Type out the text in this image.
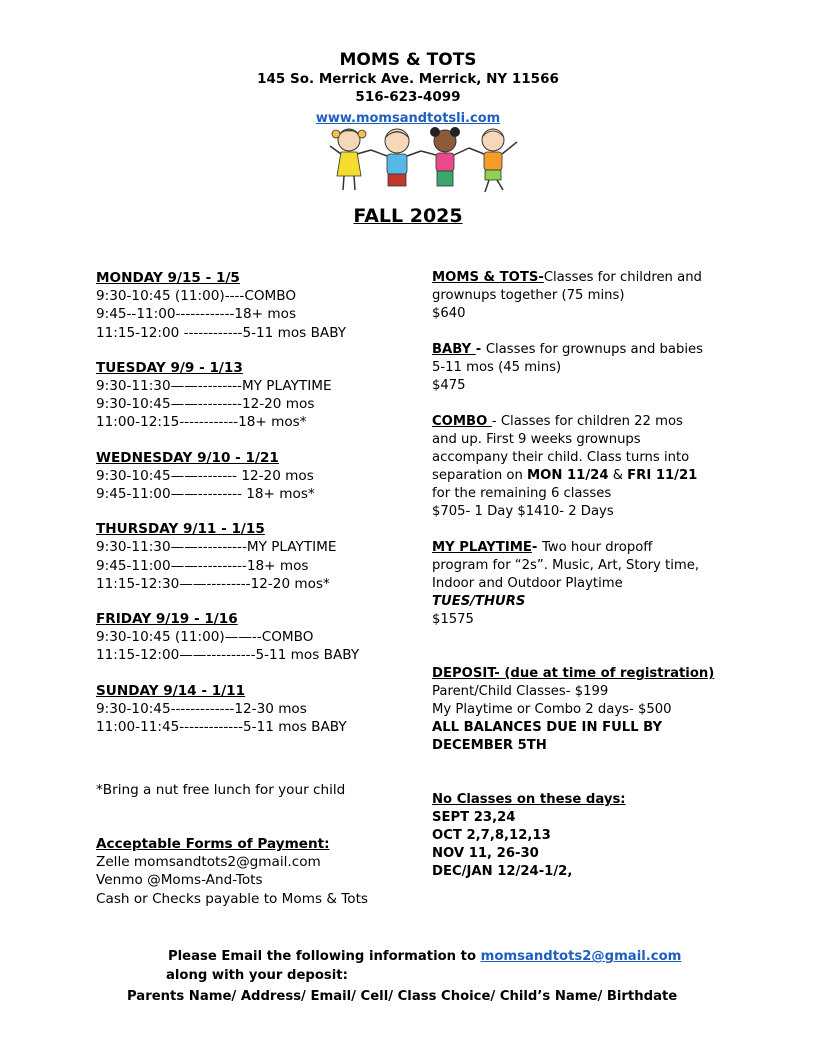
MOMS & TOTS
145 So. Merrick Ave. Merrick, NY 11566
516-623-4099
www.momsandtotsli.com
FALL 2025
MONDAY 9/15 - 1/5
9:30-10:45 (11:00)----COMBO
9:45--11:00------------18+ mos
11:15-12:00 ------------5-11 mos BABY
TUESDAY 9/9 - 1/13
9:30-11:30——---------MY PLAYTIME
9:30-10:45——---------12-20 mos
11:00-12:15------------18+ mos*
WEDNESDAY 9/10 - 1/21
9:30-10:45——-------- 12-20 mos
9:45-11:00——--------- 18+ mos*
THURSDAY 9/11 - 1/15
9:30-11:30——----------MY PLAYTIME
9:45-11:00——----------18+ mos
11:15-12:30——---------12-20 mos*
FRIDAY 9/19 - 1/16
9:30-10:45 (11:00)——--COMBO
11:15-12:00——----------5-11 mos BABY
SUNDAY 9/14 - 1/11
9:30-10:45-------------12-30 mos
11:00-11:45-------------5-11 mos BABY
*Bring a nut free lunch for your child
Acceptable Forms of Payment:
Zelle momsandtots2@gmail.com
Venmo @Moms-And-Tots
Cash or Checks payable to Moms & Tots
MOMS & TOTS-Classes for children and
grownups together (75 mins)
$640
BABY - Classes for grownups and babies
5-11 mos (45 mins)
$475
COMBO - Classes for children 22 mos
and up. First 9 weeks grownups
accompany their child. Class turns into
separation on MON 11/24 & FRI 11/21
for the remaining 6 classes
$705- 1 Day $1410- 2 Days
MY PLAYTIME- Two hour dropoff
program for “2s”. Music, Art, Story time,
Indoor and Outdoor Playtime
TUES/THURS
$1575
DEPOSIT- (due at time of registration)
Parent/Child Classes- $199
My Playtime or Combo 2 days- $500
ALL BALANCES DUE IN FULL BY
DECEMBER 5TH
No Classes on these days:
SEPT 23,24
OCT 2,7,8,12,13
NOV 11, 26-30
DEC/JAN 12/24-1/2,
Please Email the following information to momsandtots2@gmail.com
along with your deposit:
Parents Name/ Address/ Email/ Cell/ Class Choice/ Child’s Name/ Birthdate
